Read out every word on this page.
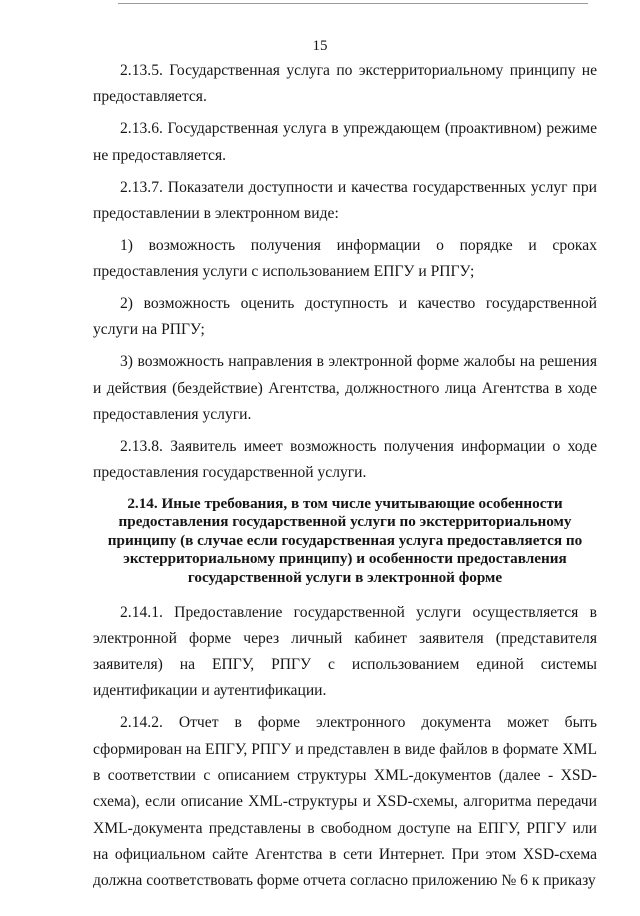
15

2.13.5. Государственная услуга по экстерриториальному принципу не предоставляется.

2.13.6. Государственная услуга в упреждающем (проактивном) режиме не предоставляется.

2.13.7. Показатели доступности и качества государственных услуг при предоставлении в электронном виде:

1) возможность получения информации о порядке и сроках предоставления услуги с использованием ЕПГУ и РПГУ;

2) возможность оценить доступность и качество государственной услуги на РПГУ;

3) возможность направления в электронной форме жалобы на решения и действия (бездействие) Агентства, должностного лица Агентства в ходе предоставления услуги.

2.13.8. Заявитель имеет возможность получения информации о ходе предоставления государственной услуги.

2.14. Иные требования, в том числе учитывающие особенности
предоставления государственной услуги по экстерриториальному
принципу (в случае если государственная услуга предоставляется по
экстерриториальному принципу) и особенности предоставления
государственной услуги в электронной форме

2.14.1. Предоставление государственной услуги осуществляется в электронной форме через личный кабинет заявителя (представителя заявителя) на ЕПГУ, РПГУ с использованием единой системы идентификации и аутентификации.

2.14.2. Отчет в форме электронного документа может быть сформирован на ЕПГУ, РПГУ и представлен в виде файлов в формате XML в соответствии с описанием структуры XML-документов (далее - XSD-схема), если описание XML-структуры и XSD-схемы, алгоритма передачи XML-документа представлены в свободном доступе на ЕПГУ, РПГУ или на официальном сайте Агентства в сети Интернет. При этом XSD-схема должна соответствовать форме отчета согласно приложению № 6 к приказу
